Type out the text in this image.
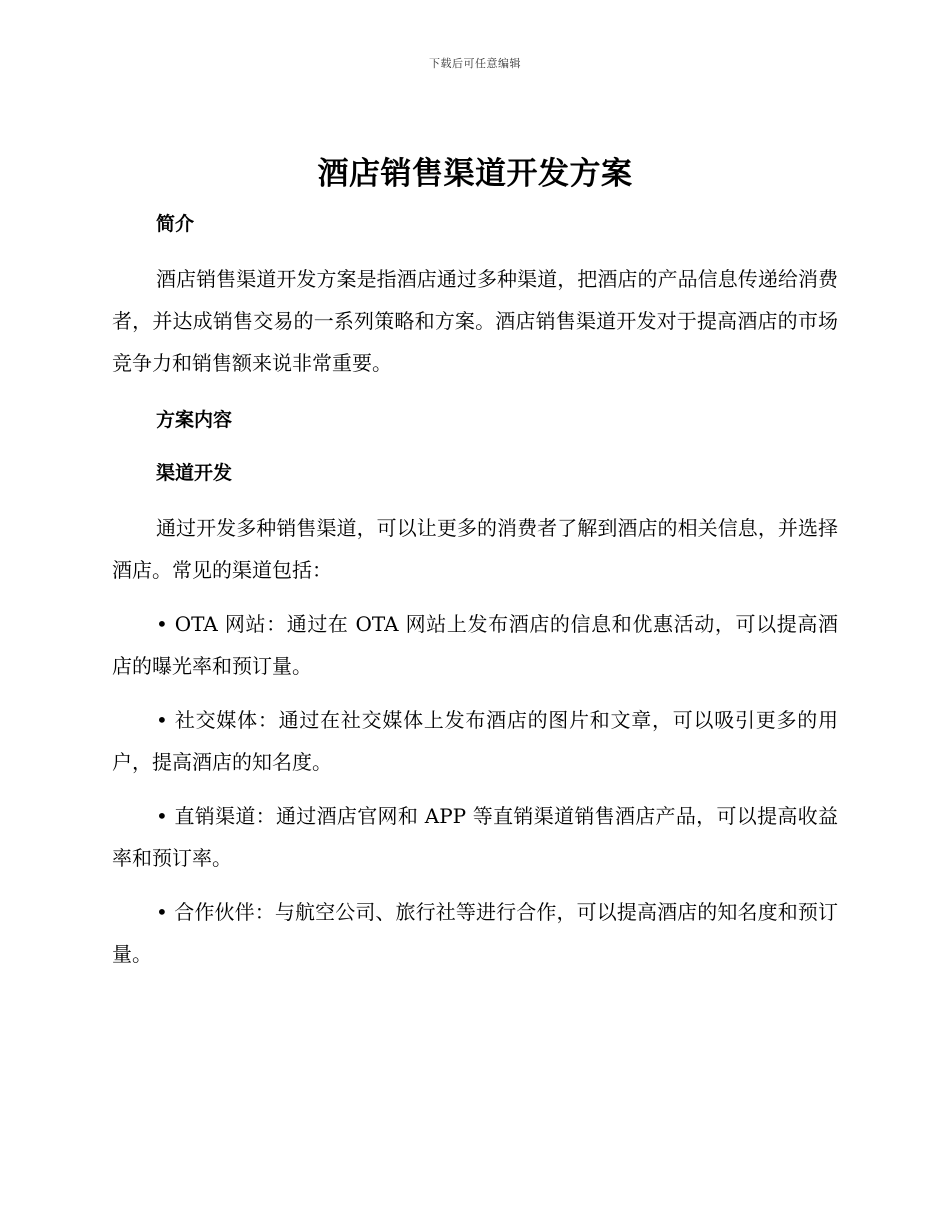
下载后可任意编辑
酒店销售渠道开发方案
简介

酒店销售渠道开发方案是指酒店通过多种渠道，把酒店的产品信息传递给消费者，并达成销售交易的一系列策略和方案。酒店销售渠道开发对于提高酒店的市场竞争力和销售额来说非常重要。

方案内容
渠道开发

通过开发多种销售渠道，可以让更多的消费者了解到酒店的相关信息，并选择酒店。常见的渠道包括：

• OTA 网站：通过在 OTA 网站上发布酒店的信息和优惠活动，可以提高酒店的曝光率和预订量。
• 社交媒体：通过在社交媒体上发布酒店的图片和文章，可以吸引更多的用户，提高酒店的知名度。
• 直销渠道：通过酒店官网和 APP 等直销渠道销售酒店产品，可以提高收益率和预订率。
• 合作伙伴：与航空公司、旅行社等进行合作，可以提高酒店的知名度和预订量。
